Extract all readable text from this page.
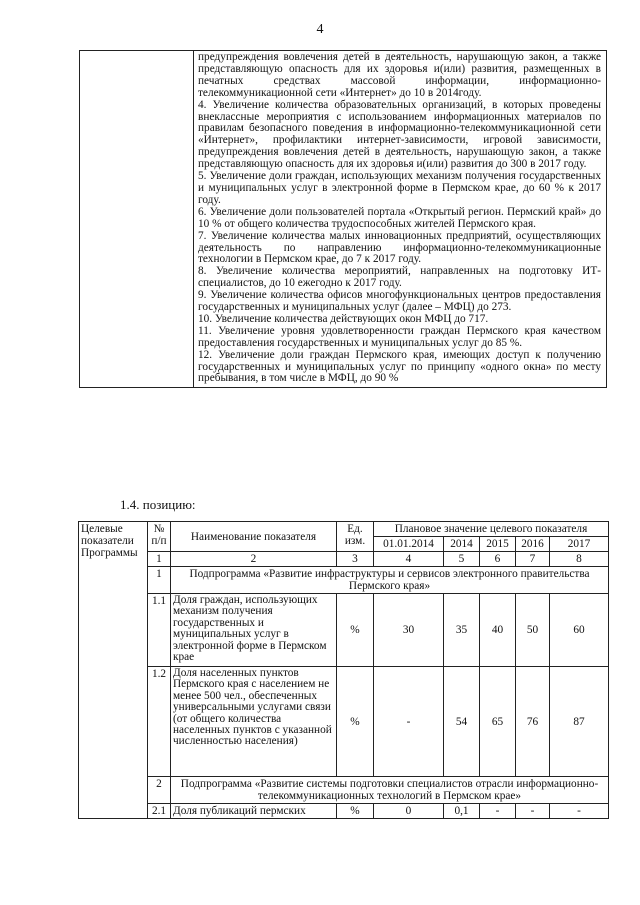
4

предупреждения вовлечения детей в деятельность, нарушающую закон, а также представляющую опасность для их здоровья и(или) развития, размещенных в печатных средствах массовой информации, информационно-телекоммуникационной сети «Интернет» до 10 в 2014году.

4. Увеличение количества образовательных организаций, в которых проведены внеклассные мероприятия с использованием информационных материалов по правилам безопасного поведения в информационно-телекоммуникационной сети «Интернет», профилактики интернет-зависимости, игровой зависимости, предупреждения вовлечения детей в деятельность, нарушающую закон, а также представляющую опасность для их здоровья и(или) развития до 300 в 2017 году.

5. Увеличение доли граждан, использующих механизм получения государственных и муниципальных услуг в электронной форме в Пермском крае, до 60 % к 2017 году.

6. Увеличение доли пользователей портала «Открытый регион. Пермский край» до 10 % от общего количества трудоспособных жителей Пермского края.

7. Увеличение количества малых инновационных предприятий, осуществляющих деятельность по направлению информационно-телекоммуникационные технологии в Пермском крае, до 7 к 2017 году.

8. Увеличение количества мероприятий, направленных на подготовку ИТ-специалистов, до 10 ежегодно к 2017 году.

9. Увеличение количества офисов многофункциональных центров предоставления государственных и муниципальных услуг (далее – МФЦ) до 273.

10. Увеличение количества действующих окон МФЦ до 717.

11. Увеличение уровня удовлетворенности граждан Пермского края качеством предоставления государственных и муниципальных услуг до 85 %.

12. Увеличение доли граждан Пермского края, имеющих доступ к получению государственных и муниципальных услуг по принципу «одного окна» по месту пребывания, в том числе в МФЦ, до 90 %

1.4. позицию:
Целевые показатели Программы	№ п/п	Наименование показателя	Ед. изм.	Плановое значение целевого показателя				
				01.01.2014	2014	2015	2016	2017
	1	2	3	4	5	6	7	8
	1	Подпрограмма «Развитие инфраструктуры и сервисов электронного правительства Пермского края»						
	1.1	Доля граждан, использующих механизм получения государственных и муниципальных услуг в электронной форме в Пермском крае	%	30	35	40	50	60
	1.2	Доля населенных пунктов Пермского края с населением не менее 500 чел., обеспеченных универсальными услугами связи (от общего количества населенных пунктов с указанной численностью населения)	%	-	54	65	76	87
	2	Подпрограмма «Развитие системы подготовки специалистов отрасли информационно-телекоммуникационных технологий в Пермском крае»						
	2.1	Доля публикаций пермских	%	0	0,1	-	-	-
